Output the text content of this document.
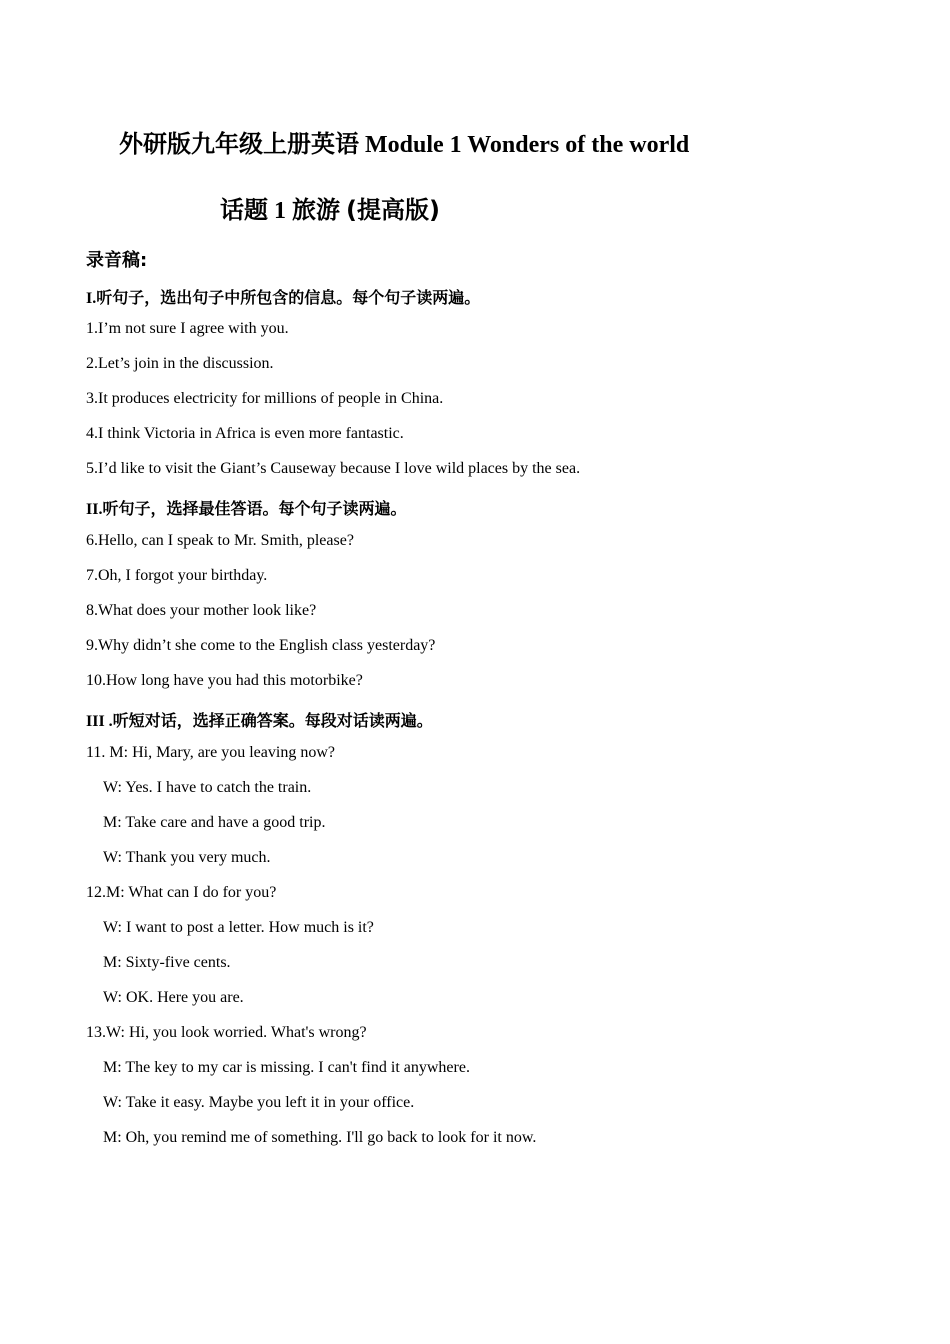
外研版九年级上册英语 Module 1 Wonders of the world
话题 1 旅游 (提高版)
录音稿:
I.听句子，选出句子中所包含的信息。每个句子读两遍。
1.I’m not sure I agree with you.
2.Let’s join in the discussion.
3.It produces electricity for millions of people in China.
4.I think Victoria in Africa is even more fantastic.
5.I’d like to visit the Giant’s Causeway because I love wild places by the sea.
II.听句子，选择最佳答语。每个句子读两遍。
6.Hello, can I speak to Mr. Smith, please?
7.Oh, I forgot your birthday.
8.What does your mother look like?
9.Why didn’t she come to the English class yesterday?
10.How long have you had this motorbike?
III .听短对话，选择正确答案。每段对话读两遍。
11. M: Hi, Mary, are you leaving now?
W: Yes. I have to catch the train.
M: Take care and have a good trip.
W: Thank you very much.
12.M: What can I do for you?
W: I want to post a letter. How much is it?
M: Sixty-five cents.
W: OK. Here you are.
13.W: Hi, you look worried. What's wrong?
M: The key to my car is missing. I can't find it anywhere.
W: Take it easy. Maybe you left it in your office.
M: Oh, you remind me of something. I'll go back to look for it now.
